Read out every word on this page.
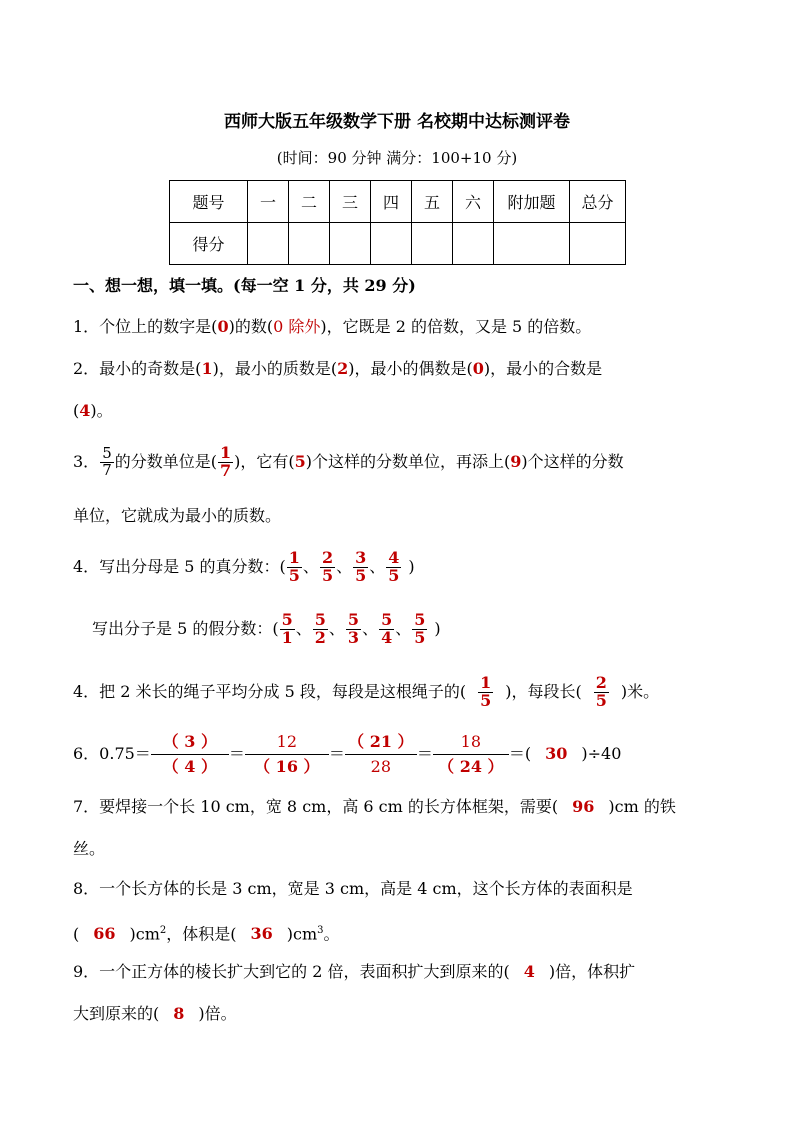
西师大版五年级数学下册 名校期中达标测评卷
(时间：90 分钟 满分：100+10 分)
题号	一	二	三	四	五	六	附加题	总分
得分								
一、想一想，填一填。(每一空 1 分，共 29 分)
1．个位上的数字是(0)的数(0 除外)，它既是 2 的倍数，又是 5 的倍数。
2．最小的奇数是(1)，最小的质数是(2)，最小的偶数是(0)，最小的合数是
(4)。
3． $\frac{5}{7}$ 的分数单位是( $\frac{1}{7}$ )，它有(5)个这样的分数单位，再添上(9)个这样的分数
单位，它就成为最小的质数。
4．写出分母是 5 的真分数：( $\frac{1}{5}$ 、 $\frac{2}{5}$ 、 $\frac{3}{5}$ 、 $\frac{4}{5}$ )
写出分子是 5 的假分数：( $\frac{5}{1}$ 、 $\frac{5}{2}$ 、 $\frac{5}{3}$ 、 $\frac{5}{4}$ 、 $\frac{5}{5}$ )
4．把 2 米长的绳子平均分成 5 段，每段是这根绳子的( $\frac{1}{5}$ )，每段长( $\frac{2}{5}$ )米。
6．$0.75= \frac{( 3 )}{( 4 )} = \frac{12}{( 16 )} = \frac{( 21 )}{28} = \frac{18}{( 24 )}$ ＝( 30 )÷40
7．要焊接一个长 10 cm，宽 8 cm，高 6 cm 的长方体框架，需要( 96 )cm 的铁
丝。
8．一个长方体的长是 3 cm，宽是 3 cm，高是 4 cm，这个长方体的表面积是
( 66 )$cm^2$，体积是( 36 )$cm^3$。
9．一个正方体的棱长扩大到它的 2 倍，表面积扩大到原来的( 4 )倍，体积扩
大到原来的( 8 )倍。
